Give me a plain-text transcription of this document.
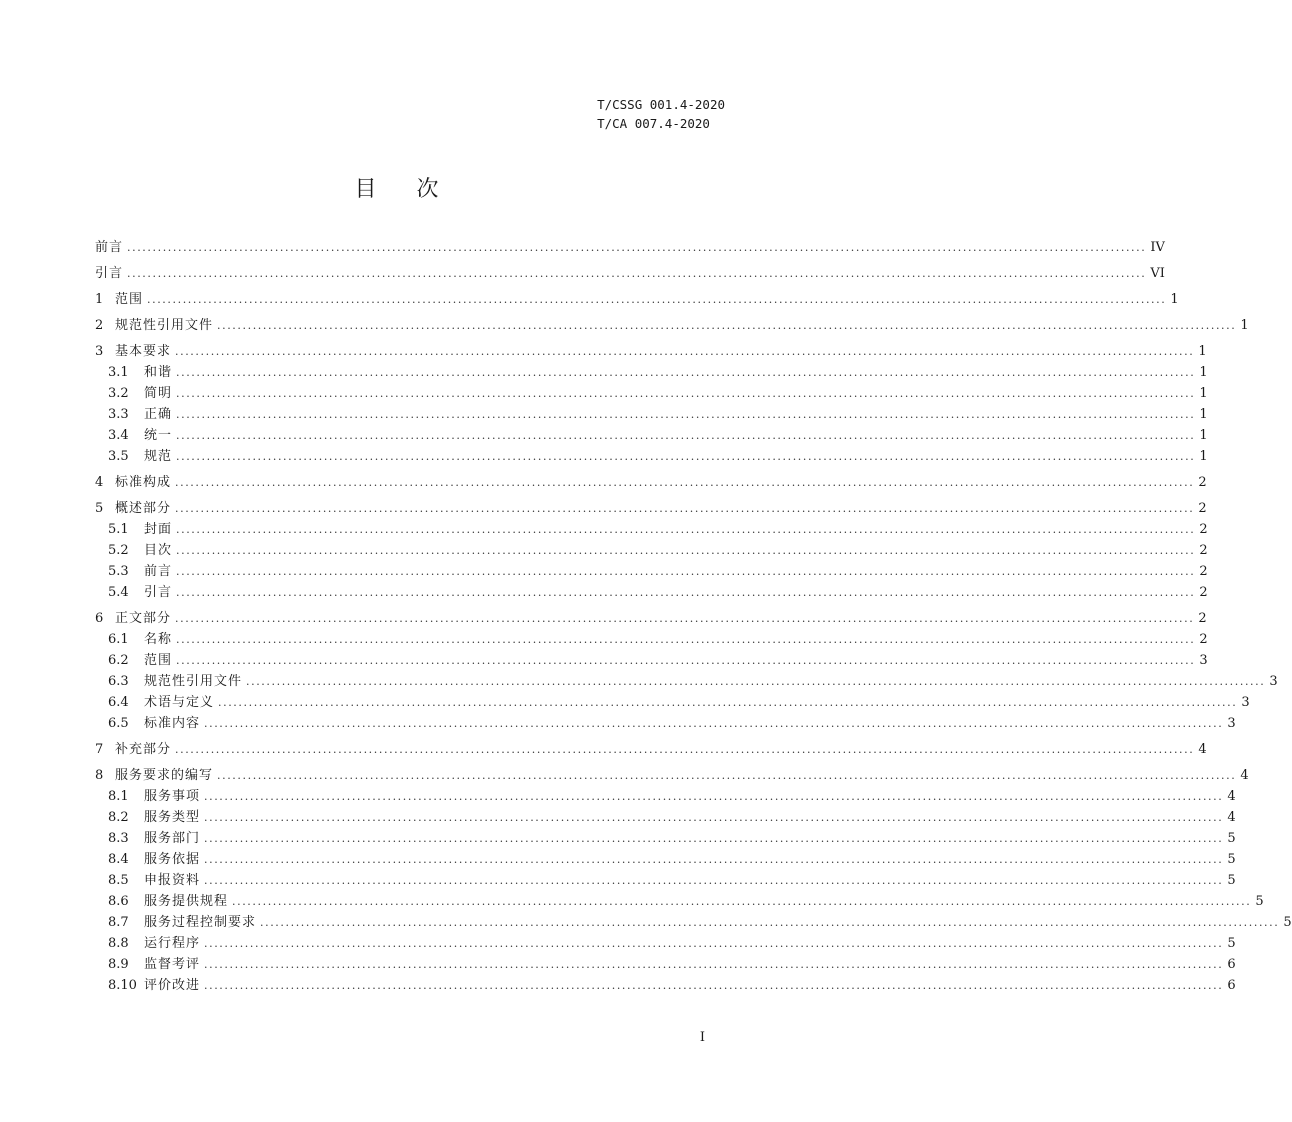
T/CSSG 001.4-2020
T/CA 007.4-2020
目次
前言 ........................................................................................................................................................................................................ IV
引言 ........................................................................................................................................................................................................ VI
1 范围 ........................................................................................................................................................................................................ 1
2 规范性引用文件 ........................................................................................................................................................................................................ 1
3 基本要求 ........................................................................................................................................................................................................ 1
3.1	和谐 ........................................................................................................................................................................................................ 1
3.2	简明 ........................................................................................................................................................................................................ 1
3.3	正确 ........................................................................................................................................................................................................ 1
3.4	统一 ........................................................................................................................................................................................................ 1
3.5	规范 ........................................................................................................................................................................................................ 1
4 标准构成 ........................................................................................................................................................................................................ 2
5 概述部分 ........................................................................................................................................................................................................ 2
5.1	封面 ........................................................................................................................................................................................................ 2
5.2	目次 ........................................................................................................................................................................................................ 2
5.3	前言 ........................................................................................................................................................................................................ 2
5.4	引言 ........................................................................................................................................................................................................ 2
6 正文部分 ........................................................................................................................................................................................................ 2
6.1	名称 ........................................................................................................................................................................................................ 2
6.2	范围 ........................................................................................................................................................................................................ 3
6.3	规范性引用文件 ........................................................................................................................................................................................................ 3
6.4	术语与定义 ........................................................................................................................................................................................................ 3
6.5	标准内容 ........................................................................................................................................................................................................ 3
7 补充部分 ........................................................................................................................................................................................................ 4
8 服务要求的编写 ........................................................................................................................................................................................................ 4
8.1	服务事项 ........................................................................................................................................................................................................ 4
8.2	服务类型 ........................................................................................................................................................................................................ 4
8.3	服务部门 ........................................................................................................................................................................................................ 5
8.4	服务依据 ........................................................................................................................................................................................................ 5
8.5	申报资料 ........................................................................................................................................................................................................ 5
8.6	服务提供规程 ........................................................................................................................................................................................................ 5
8.7	服务过程控制要求 ........................................................................................................................................................................................................ 5
8.8	运行程序 ........................................................................................................................................................................................................ 5
8.9	监督考评 ........................................................................................................................................................................................................ 6
8.10 评价改进 ........................................................................................................................................................................................................ 6
I
